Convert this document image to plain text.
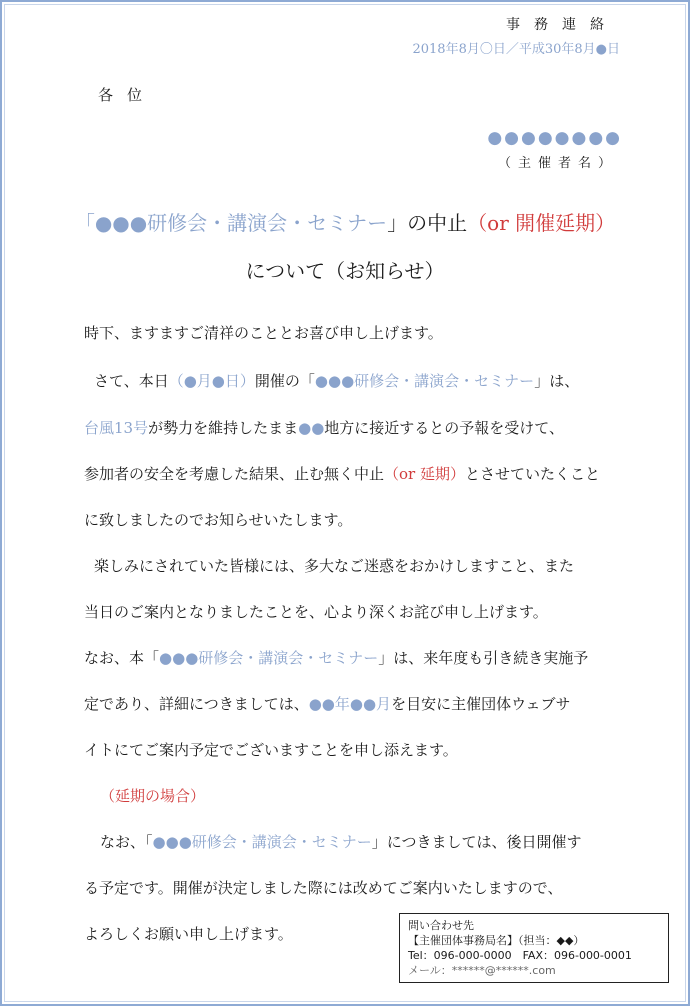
事務連絡
2018年8月〇日／平成30年8月●日
各位
●●●●●●●●
（主催者名）
「●●●研修会・講演会・セミナー」の中止（or 開催延期）
について（お知らせ）
時下、ますますご清祥のこととお喜び申し上げます。
さて、本日（●月●日）開催の「●●●研修会・講演会・セミナー」は、
台風13号が勢力を維持したまま●●地方に接近するとの予報を受けて、
参加者の安全を考慮した結果、止む無く中止（or 延期）とさせていたくこと
に致しましたのでお知らせいたします。
楽しみにされていた皆様には、多大なご迷惑をおかけしますこと、また
当日のご案内となりましたことを、心より深くお詫び申し上げます。
なお、本「●●●研修会・講演会・セミナー」は、来年度も引き続き実施予
定であり、詳細につきましては、●●年●●月を目安に主催団体ウェブサ
イトにてご案内予定でございますことを申し添えます。
（延期の場合）
なお、「●●●研修会・講演会・セミナー」につきましては、後日開催す
る予定です。開催が決定しました際には改めてご案内いたしますので、
よろしくお願い申し上げます。	問い合わせ先
【主催団体事務局名】（担当：◆◆）
Tel：096-000-0000　FAX：096-000-0001
メール：******@******.com
